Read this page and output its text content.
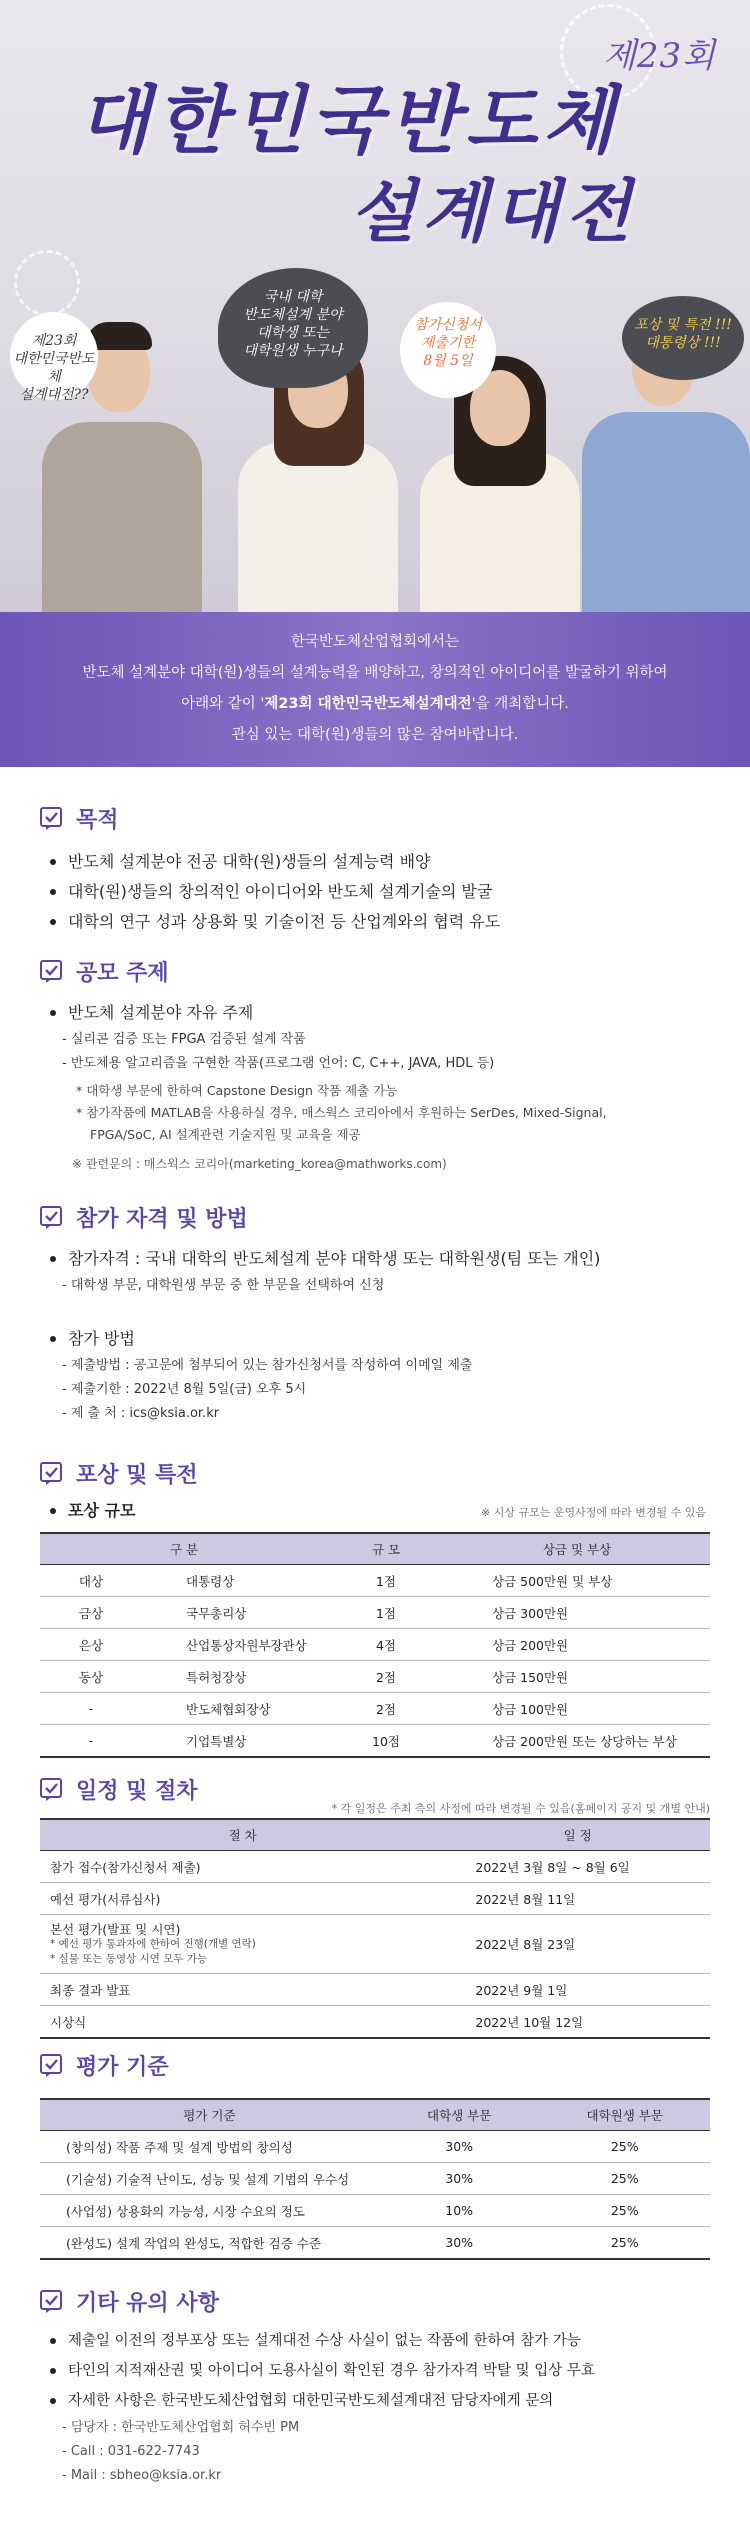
제23회
대한민국반도체
설계대전
제23회
대한민국반도체
설계대전??
국내 대학
반도체설계 분야
대학생 또는
대학원생 누구나
참가신청서
제출기한
8월 5일
포상 및 특전 !!!
대통령상 !!!
한국반도체산업협회에서는
반도체 설계분야 대학(원)생들의 설계능력을 배양하고, 창의적인 아이디어를 발굴하기 위하여
아래와 같이 '제23회 대한민국반도체설계대전'을 개최합니다.
관심 있는 대학(원)생들의 많은 참여바랍니다.
목적
반도체 설계분야 전공 대학(원)생들의 설계능력 배양
대학(원)생들의 창의적인 아이디어와 반도체 설계기술의 발굴
대학의 연구 성과 상용화 및 기술이전 등 산업계와의 협력 유도
공모 주제
반도체 설계분야 자유 주제
- 실리콘 검증 또는 FPGA 검증된 설계 작품
- 반도체용 알고리즘을 구현한 작품(프로그램 언어: C, C++, JAVA, HDL 등)
* 대학생 부문에 한하여 Capstone Design 작품 제출 가능
* 참가작품에 MATLAB을 사용하실 경우, 매스웍스 코리아에서 후원하는 SerDes, Mixed-Signal,
FPGA/SoC, AI 설계관련 기술지원 및 교육을 제공
※ 관련문의 : 매스웍스 코리아(marketing_korea@mathworks.com)
참가 자격 및 방법
참가자격 : 국내 대학의 반도체설계 분야 대학생 또는 대학원생(팀 또는 개인)
- 대학생 부문, 대학원생 부문 중 한 부문을 선택하여 신청
참가 방법
- 제출방법 : 공고문에 첨부되어 있는 참가신청서를 작성하여 이메일 제출
- 제출기한 : 2022년 8월 5일(금) 오후 5시
- 제 출 처 : ics@ksia.or.kr
포상 및 특전
포상 규모	※ 시상 규모는 운영사정에 따라 변경될 수 있음
구 분		규 모	상금 및 부상
대상	대통령상	1점	상금 500만원 및 부상
금상	국무총리상	1점	상금 300만원
은상	산업통상자원부장관상	4점	상금 200만원
동상	특허청장상	2점	상금 150만원
-	반도체협회장상	2점	상금 100만원
-	기업특별상	10점	상금 200만원 또는 상당하는 부상
일정 및 절차
* 각 일정은 주최 측의 사정에 따라 변경될 수 있음(홈페이지 공지 및 개별 안내)
절 차	일 정
참가 접수(참가신청서 제출)	2022년 3월 8일 ~ 8월 6일
예선 평가(서류심사)	2022년 8월 11일

본선 평가(발표 및 시연)
* 예선 평가 통과자에 한하여 진행(개별 연락)
* 실물 또는 동영상 시연 모두 가능	2022년 8월 23일
최종 결과 발표	2022년 9월 1일
시상식	2022년 10월 12일
평가 기준
평가 기준	대학생 부문	대학원생 부문
(창의성) 작품 주제 및 설계 방법의 창의성	30%	25%
(기술성) 기술적 난이도, 성능 및 설계 기법의 우수성	30%	25%
(사업성) 상용화의 가능성, 시장 수요의 정도	10%	25%
(완성도) 설계 작업의 완성도, 적합한 검증 수준	30%	25%
기타 유의 사항
제출일 이전의 정부포상 또는 설계대전 수상 사실이 없는 작품에 한하여 참가 가능
타인의 지적재산권 및 아이디어 도용사실이 확인된 경우 참가자격 박탈 및 입상 무효
자세한 사항은 한국반도체산업협회 대한민국반도체설계대전 담당자에게 문의
- 담당자 : 한국반도체산업협회 허수빈 PM
- Call : 031-622-7743
- Mail : sbheo@ksia.or.kr
